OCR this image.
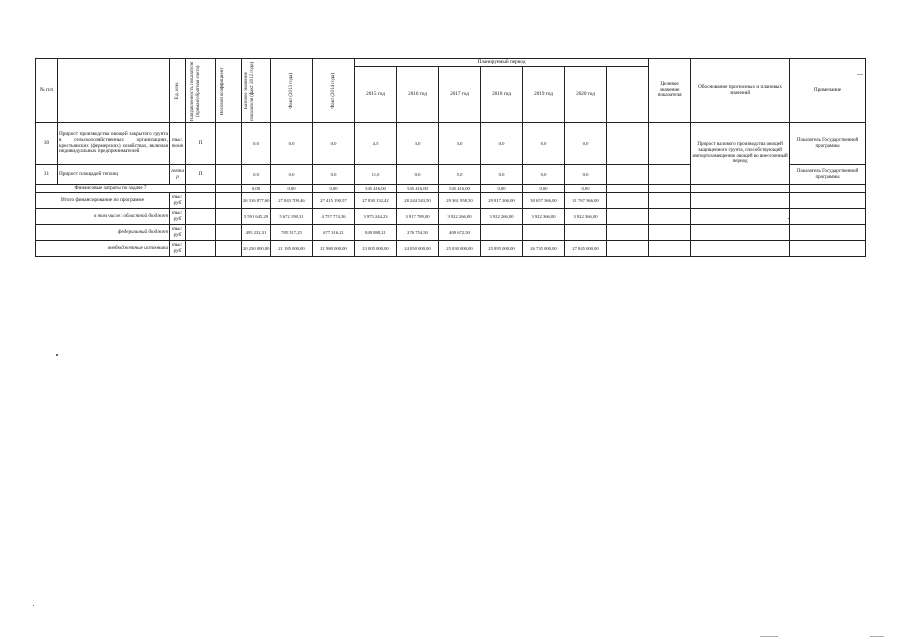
№ п/п		Ед. изм.	Направленность показателя (прямая/обратная счета)	Весовой коэффициент	Базовое значение показателя (факт 2012 года)	Факт (2013 года)	Факт (2014 года)	Планируемый период							Целевое значение показателя	Обоснование прогнозных и плановых значений	Примечание
								2015 год	2016 год	2017 год	2018 год	2019 год	2020 год				
30	Прирост производства овощей закрытого грунта в сельскохозяйственных организациях, крестьянских (фермерских) хозяйствах, включая индивидуальных предпринимателей	тыс. тонн	П		0,0	0,0	0,0	4,5	3,0	3,0	0,0	0,0	0,0			Прирост валового производства овощей защищенного грунта, способствующий импортозамещению овощей во внесезонный период	Показатель Государственной программы
31	Прирост площадей теплиц	гекта р	П		0,0	0,0	0,0	11,0	0,0	5,0	0,0	0,0	0,0				Показатель Государственной программы
Финансовые затраты по задаче 7					0,00	0,00	0,00	545 416,00	545 416,00	545 416,00	0,00	0,00	0,00				
Итого финансирование по программе		тыс. руб			26 316 877,60	27 843 709,46	27 415 190,57	27 830 132,42	28 244 543,50	29 361 958,50	29 817 266,00	30 657 366,00	31 767 366,00				
в том числе: областной бюджет		тыс. руб			5 591 645,29	5 672 198,31	4 757 774,36	3 975 244,23	3 917 789,00	3 922 266,00	3 922 266,00	3 922 366,00	3 922 366,00				
федеральный бюджет		тыс. руб			495 232,31	785 517,25	677 316,21	849 888,21	276 754,50	409 672,50							
внебюджетные источники		тыс. руб			20 230 000,00	21 185 000,00	21 980 000,00	23 005 000,00	24 050 000,00	25 030 000,00	25 895 000,00	26 735 000,00	27 845 000,00				
